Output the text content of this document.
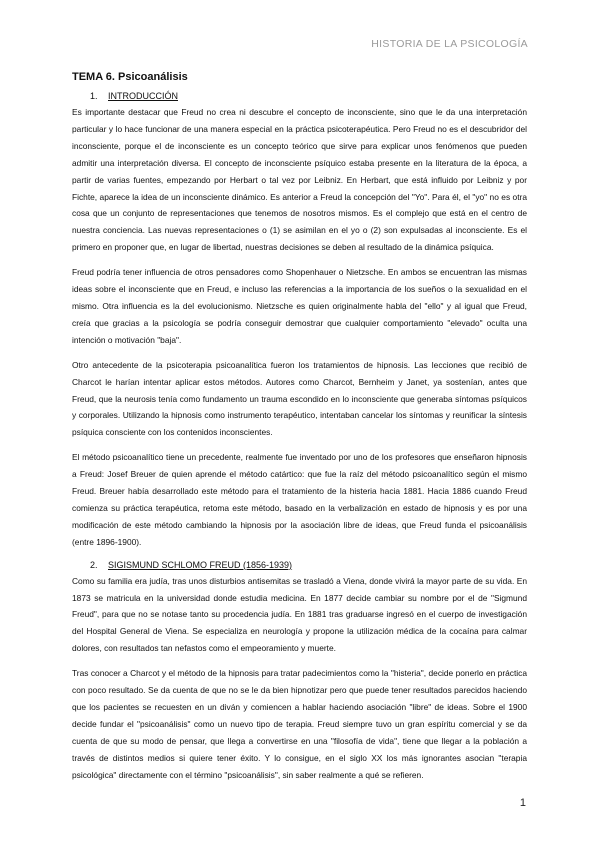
HISTORIA DE LA PSICOLOGÍA
TEMA 6. Psicoanálisis
1. INTRODUCCIÓN

Es importante destacar que Freud no crea ni descubre el concepto de inconsciente, sino que le da una interpretación particular y lo hace funcionar de una manera especial en la práctica psicoterapéutica. Pero Freud no es el descubridor del inconsciente, porque el de inconsciente es un concepto teórico que sirve para explicar unos fenómenos que pueden admitir una interpretación diversa. El concepto de inconsciente psíquico estaba presente en la literatura de la época, a partir de varias fuentes, empezando por Herbart o tal vez por Leibniz. En Herbart, que está influido por Leibniz y por Fichte, aparece la idea de un inconsciente dinámico. Es anterior a Freud la concepción del "Yo". Para él, el "yo" no es otra cosa que un conjunto de representaciones que tenemos de nosotros mismos. Es el complejo que está en el centro de nuestra conciencia. Las nuevas representaciones o (1) se asimilan en el yo o (2) son expulsadas al inconsciente. Es el primero en proponer que, en lugar de libertad, nuestras decisiones se deben al resultado de la dinámica psíquica.

Freud podría tener influencia de otros pensadores como Shopenhauer o Nietzsche. En ambos se encuentran las mismas ideas sobre el inconsciente que en Freud, e incluso las referencias a la importancia de los sueños o la sexualidad en el mismo. Otra influencia es la del evolucionismo. Nietzsche es quien originalmente habla del "ello" y al igual que Freud, creía que gracias a la psicología se podría conseguir demostrar que cualquier comportamiento "elevado" oculta una intención o motivación "baja".

Otro antecedente de la psicoterapia psicoanalítica fueron los tratamientos de hipnosis. Las lecciones que recibió de Charcot le harían intentar aplicar estos métodos. Autores como Charcot, Bernheim y Janet, ya sostenían, antes que Freud, que la neurosis tenía como fundamento un trauma escondido en lo inconsciente que generaba síntomas psíquicos y corporales. Utilizando la hipnosis como instrumento terapéutico, intentaban cancelar los síntomas y reunificar la síntesis psíquica consciente con los contenidos inconscientes.

El método psicoanalítico tiene un precedente, realmente fue inventado por uno de los profesores que enseñaron hipnosis a Freud: Josef Breuer de quien aprende el método catártico: que fue la raíz del método psicoanalítico según el mismo Freud. Breuer había desarrollado este método para el tratamiento de la histeria hacia 1881. Hacia 1886 cuando Freud comienza su práctica terapéutica, retoma este método, basado en la verbalización en estado de hipnosis y es por una modificación de este método cambiando la hipnosis por la asociación libre de ideas, que Freud funda el psicoanálisis (entre 1896-1900).

2. SIGISMUND SCHLOMO FREUD (1856-1939)

Como su familia era judía, tras unos disturbios antisemitas se trasladó a Viena, donde vivirá la mayor parte de su vida. En 1873 se matricula en la universidad donde estudia medicina. En 1877 decide cambiar su nombre por el de "Sigmund Freud", para que no se notase tanto su procedencia judía. En 1881 tras graduarse ingresó en el cuerpo de investigación del Hospital General de Viena. Se especializa en neurología y propone la utilización médica de la cocaína para calmar dolores, con resultados tan nefastos como el empeoramiento y muerte.

Tras conocer a Charcot y el método de la hipnosis para tratar padecimientos como la "histeria", decide ponerlo en práctica con poco resultado. Se da cuenta de que no se le da bien hipnotizar pero que puede tener resultados parecidos haciendo que los pacientes se recuesten en un diván y comiencen a hablar haciendo asociación "libre" de ideas. Sobre el 1900 decide fundar el "psicoanálisis" como un nuevo tipo de terapia. Freud siempre tuvo un gran espíritu comercial y se da cuenta de que su modo de pensar, que llega a convertirse en una "filosofía de vida", tiene que llegar a la población a través de distintos medios si quiere tener éxito. Y lo consigue, en el siglo XX los más ignorantes asocian "terapia psicológica" directamente con el término "psicoanálisis", sin saber realmente a qué se refieren.

1
